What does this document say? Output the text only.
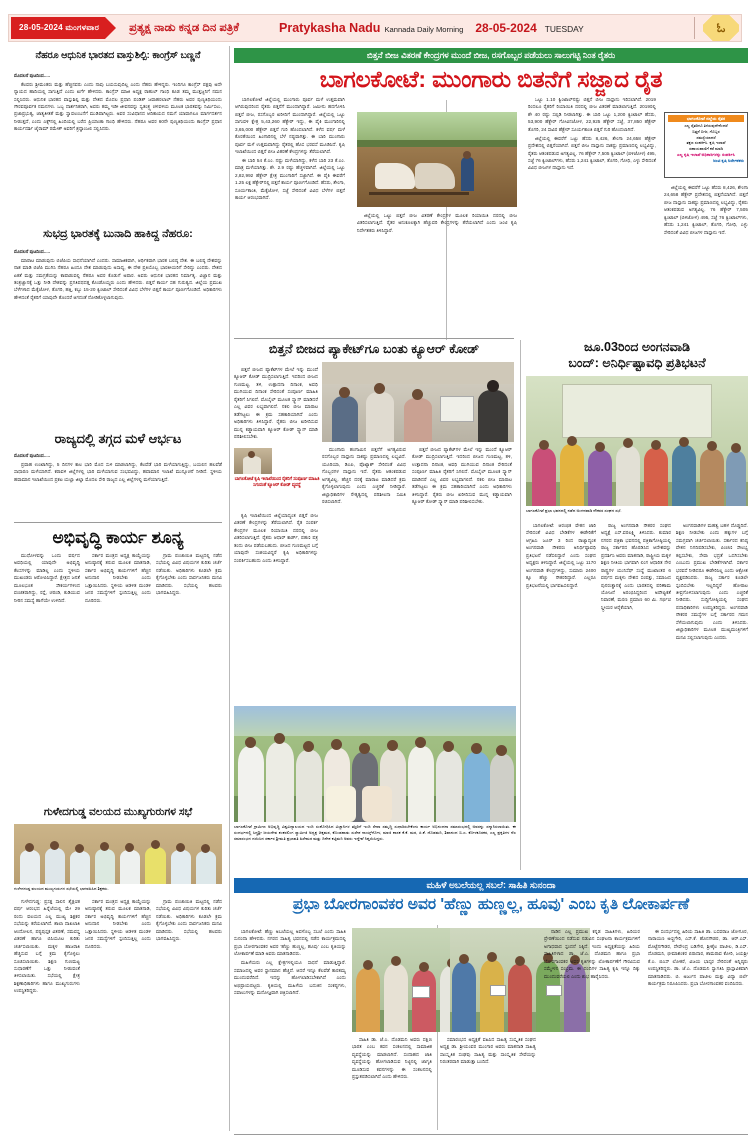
28-05-2024 ಮಂಗಳವಾರ	ಪ್ರತ್ಯಕ್ಷ ನಾಡು ಕನ್ನಡ ದಿನ ಪತ್ರಿಕೆ	Pratykasha Nadu Kannada Daily Morning 28-05-2024 TUESDAY	ಓ
ಬಿತ್ತನೆ ಬೀಜ ವಿತರಣೆ ಕೇಂದ್ರಗಳ ಮುಂದೆ ಬೀಜ, ರಸಗೊಬ್ಬರ ಪಡೆಯಲು ಸಾಲುಗಟ್ಟಿ ನಿಂತ ರೈತರು
ಬಾಗಲಕೋಟೆ: ಮುಂಗಾರು ಬಿತನೆಗೆ ಸಜ್ಜಾದ ರೈತ
ಭಾಗಲಕೋಟೆ ಜಿಲ್ಲೆಯ ರೈತರ
ಎಲ್ಲ ರೈತರಿಗೂ ತಿಳಿಸುವುದೇನೆಂದರೆ
ಬಿತ್ತನೆ ಬೀಜ, ಗೊಬ್ಬರ
ಸಮಸ್ಯೆಯಾದರೆ
ತಕ್ಷಣ ಸಂಪರ್ಕಿಸಿ. ಕೃಷಿ ಇಲಾಖೆ
ಸಹಾಯವಾಣಿಗೆ ಕರೆ ಮಾಡಿ
ಎಲ್ಲ ಕೃಷಿ ಇಲಾಖೆ ಅಧಿಕಾರಿಗಳನ್ನು ಸಂಪರ್ಕಿಸಿ
ಜಂಟಿ ಕೃಷಿ ನಿರ್ದೇಶಕರು

ಬಾಗಲಕೋಟೆ ಜಿಲ್ಲೆಯಲ್ಲಿ ಮುಂಗಾರು ಪೂರ್ವ ಮಳೆ ಉತ್ತಮವಾಗಿ ಆಗಿರುವುದರಿಂದ ರೈತರು ಬಿತ್ತನೆಗೆ ಮುಂದಾಗಿದ್ದಾರೆ. ಜಮೀನು ಹದಗೊಳಿಸಿ ಬಿತ್ತನೆ ಬೀಜ, ರಸಗೊಬ್ಬರ ಖರೀದಿಗೆ ಮುಂದಾಗಿದ್ದಾರೆ. ಜಿಲ್ಲೆಯಲ್ಲಿ ಒಟ್ಟು ಸಾಗುವಳಿ ಕ್ಷೇತ್ರ 5,43,260 ಹೆಕ್ಟೇರ್ ಇದ್ದು, ಈ ಪೈಕಿ ಮುಂಗಾರಿನಲ್ಲಿ 3,65,000 ಹೆಕ್ಟೇರ್ ಬಿತ್ತನೆ ಗುರಿ ಹೊಂದಲಾಗಿದೆ. ಕಳೆದ ವರ್ಷ ಮಳೆ ಕೊರತೆಯಿಂದ ಹಿಂಗಾರಿನಲ್ಲಿ ಬೆಳೆ ನಷ್ಟವಾಗಿತ್ತು. ಈ ಬಾರಿ ಮುಂಗಾರು ಪೂರ್ವ ಮಳೆ ಉತ್ತಮವಾಗಿದ್ದು ರೈತರಲ್ಲಿ ಹೊಸ ಭರವಸೆ ಮೂಡಿಸಿದೆ. ಕೃಷಿ ಇಲಾಖೆಯಿಂದ ಬಿತ್ತನೆ ಬೀಜ ವಿತರಣೆ ಕೇಂದ್ರಗಳನ್ನು ತೆರೆಯಲಾಗಿದೆ.

ಈ ಬಾರಿ 54 ಕೆ.ಎಂ. ನಷ್ಟು ಮಳೆಯಾಗಿದ್ದು, ಕಳೆದ ಬಾರಿ 23 ಕೆ.ಎಂ. ಮಾತ್ರ ಮಳೆಯಾಗಿತ್ತು. ಶೇ. 2.9 ರಷ್ಟು ಹೆಚ್ಚಳವಾಗಿದೆ. ಜಿಲ್ಲೆಯಲ್ಲಿ ಒಟ್ಟು 2,82,992 ಹೆಕ್ಟೇರ್ ಕ್ಷೇತ್ರ ಮುಂಗಾರಿಗೆ ಸಜ್ಜಾಗಿದೆ. ಈ ಪೈಕಿ ಈವರೆಗೆ 1.25 ಲಕ್ಷ ಹೆಕ್ಟೇರ್‌ನಲ್ಲಿ ಬಿತ್ತನೆ ಕಾರ್ಯ ಪೂರ್ಣಗೊಂಡಿದೆ. ಹೆಸರು, ಶೇಂಗಾ, ಸೂರ್ಯಕಾಂತಿ, ಮೆಕ್ಕೆಜೋಳ, ಸಜ್ಜೆ ಸೇರಿದಂತೆ ವಿವಿಧ ಬೆಳೆಗಳ ಬಿತ್ತನೆ ಕಾರ್ಯ ಆರಂಭವಾಗಿದೆ.

ಜಿಲ್ಲೆಯಲ್ಲಿ ಒಟ್ಟು ಬಿತ್ತನೆ ಬೀಜ ವಿತರಣೆ ಕೇಂದ್ರಗಳ ಮೂಲಕ ರಿಯಾಯಿತಿ ದರದಲ್ಲಿ ಬೀಜ ವಿತರಿಸಲಾಗುತ್ತಿದೆ. ರೈತರ ಅನುಕೂಲಕ್ಕಾಗಿ ಹೆಚ್ಚುವರಿ ಕೇಂದ್ರಗಳನ್ನು ತೆರೆಯಲಾಗಿದೆ ಎಂದು ಜಂಟಿ ಕೃಷಿ ನಿರ್ದೇಶಕರು ತಿಳಿಸಿದ್ದಾರೆ.

ಒಟ್ಟು 1.10 ಕ್ವಿಂಟಾಲ್‌ನಷ್ಟು ಬಿತ್ತನೆ ಬೀಜ ದಾಸ್ತಾನು ಇರಿಸಲಾಗಿದೆ. 2019 ರಿಂದಲೂ ರೈತರಿಗೆ ರಿಯಾಯಿತಿ ದರದಲ್ಲಿ ಬೀಜ ವಿತರಣೆ ಮಾಡಲಾಗುತ್ತಿದೆ. 2019ರಲ್ಲಿ ಶೇ 40 ರಷ್ಟು ಸಬ್ಸಿಡಿ ನೀಡಲಾಗಿತ್ತು. ಈ ಬಾರಿ ಒಟ್ಟು 1,200 ಕ್ವಿಂಟಾಲ್ ಹೆಸರು, 53,900 ಹೆಕ್ಟೇರ್ ಗೋವಿನಜೋಳ, 22,925 ಹೆಕ್ಟೇರ್ ಸಜ್ಜೆ, 37,850 ಹೆಕ್ಟೇರ್ ತೊಗರಿ, 24 ಸಾವಿರ ಹೆಕ್ಟೇರ್ ಸೂರ್ಯಕಾಂತಿ ಬಿತ್ತನೆ ಗುರಿ ಹೊಂದಲಾಗಿದೆ.

ಜಿಲ್ಲೆಯಲ್ಲಿ ಈವರೆಗೆ ಒಟ್ಟು ಹೆಸರು 8,426, ಶೇಂಗಾ 24,658 ಹೆಕ್ಟೇರ್ ಪ್ರದೇಶದಲ್ಲಿ ಬಿತ್ತನೆಯಾಗಿದೆ. ಬಿತ್ತನೆ ಬೀಜ ದಾಸ್ತಾನು ಸಾಕಷ್ಟು ಪ್ರಮಾಣದಲ್ಲಿ ಲಭ್ಯವಿದ್ದು, ರೈತರು ಆತಂಕಪಡುವ ಅಗತ್ಯವಿಲ್ಲ. 76 ಹೆಕ್ಟೇರ್ 7,505 ಕ್ವಿಂಟಾಲ್ (ಬಿಳಿಜೋಳ) 495, ಸಜ್ಜೆ 76 ಕ್ವಿಂಟಾಲ್‌ಗಳು, ಹೆಸರು 1,241 ಕ್ವಿಂಟಾಲ್, ತೊಗರಿ, ಗೋಧಿ, ಎಳ್ಳು ಸೇರಿದಂತೆ ವಿವಿಧ ಬೀಜಗಳ ದಾಸ್ತಾನು ಇದೆ.

ಜಿಲ್ಲೆಯಲ್ಲಿ ಈವರೆಗೆ ಒಟ್ಟು ಹೆಸರು 8,426, ಶೇಂಗಾ 24,658 ಹೆಕ್ಟೇರ್ ಪ್ರದೇಶದಲ್ಲಿ ಬಿತ್ತನೆಯಾಗಿದೆ. ಬಿತ್ತನೆ ಬೀಜ ದಾಸ್ತಾನು ಸಾಕಷ್ಟು ಪ್ರಮಾಣದಲ್ಲಿ ಲಭ್ಯವಿದ್ದು, ರೈತರು ಆತಂಕಪಡುವ ಅಗತ್ಯವಿಲ್ಲ. 76 ಹೆಕ್ಟೇರ್ 7,505 ಕ್ವಿಂಟಾಲ್ (ಬಿಳಿಜೋಳ) 495, ಸಜ್ಜೆ 76 ಕ್ವಿಂಟಾಲ್‌ಗಳು, ಹೆಸರು 1,241 ಕ್ವಿಂಟಾಲ್, ತೊಗರಿ, ಗೋಧಿ, ಎಳ್ಳು ಸೇರಿದಂತೆ ವಿವಿಧ ಬೀಜಗಳ ದಾಸ್ತಾನು ಇದೆ.

ನೆಹರೂ ಆಧುನಿಕ ಭಾರತದ ವಾಸ್ತುಶಿಲ್ಪಿ: ಕಾಂಗ್ರೆಸ್ ಬಣ್ಣನೆ

ಮೊದಲನೆ ಪುಟದಿಂದ.....

ಕೆಲವರು ಶ್ರೀಮಂತರು ಮತ್ತು ಹೆಚ್ಚಿನವರು ಎಂದು ನಾವು ಬಯಸುವುದಿಲ್ಲ ಎಂದು ನೆಹರು ಹೇಳಿದ್ದರು. ಇಂದಿಗೂ ಕಾಂಗ್ರೆಸ್ ಪಕ್ಷವು ಅದೇ ನ್ಯಾಯದ ಹಾದಿಯಲ್ಲಿ ಸಾಗುತ್ತಿದೆ ಎಂದು ಖರ್ಗೆ ಹೇಳಿದರು. ಕಾಂಗ್ರೆಸ್ ಮಾಜಿ ಅಧ್ಯಕ್ಷ ರಾಹುಲ್ ಗಾಂಧಿ ಕೂಡ ತಮ್ಮ ಮುತ್ತಜ್ಜನಿಗೆ ನಮನ ಸಲ್ಲಿಸಿದರು. ಆಧುನಿಕ ಭಾರತದ ವಾಸ್ತುಶಿಲ್ಪಿ ಮತ್ತು ದೇಶದ ಮೊದಲ ಪ್ರಧಾನಿ ಪಂಡಿತ್ ಜವಾಹರಲಾಲ್ ನೆಹರು ಅವರ ಪುಣ್ಯತಿಥಿಯಂದು ಗೌರವಪೂರ್ವಕ ನಮನಗಳು. ಒಬ್ಬ ದಾರ್ಶನಿಕರಾಗಿ, ಅವರು ತಮ್ಮ ಇಡೀ ಜೀವನವನ್ನು ಸ್ವತಂತ್ರ್ಯ ಚಳವಳಿಯ ಮೂಲಕ ಭಾರತವನ್ನು ನಿರ್ಮಿಸಲು, ಪ್ರಜಾಪ್ರಭುತ್ವ, ಜಾತ್ಯತೀತತೆ ಮತ್ತು ಸ್ವಾವಲಂಬನೆಗೆ ಮುಡಿಪಾಗಿಟ್ಟರು. ಅವರ ಸಂವಿಧಾನದ ಆದಿಕಾಯದ ನಮಗೆ ಯಾವಾಗಲೂ ಮಾರ್ಗದರ್ಶನ ನೀಡುತ್ತದೆ, ಎಂದು ಎಕ್ಸ್‌ನಲ್ಲಿ ಹಿಂದಿಯಲ್ಲಿ ಬರೆದ ಪ್ರಿಯಾಂಕಾ ಗಾಂಧಿ ಹೇಳಿದರು. ನೆಹರೂ ಅವರ 60ನೇ ಪುಣ್ಯತಿಥಿಯಂದು ಕಾಂಗ್ರೆಸ್ ಪ್ರಧಾನ ಕಾರ್ಯದರ್ಶಿ ಜೈರಾಮ್ ರಮೇಶ್ ಅವರಿಗೆ ಶ್ರದ್ಧಾಂಜಲಿ ಸಲ್ಲಿಸಿದರು.

ಸುಭದ್ರ ಭಾರತಕ್ಕೆ ಬುನಾದಿ ಹಾಕಿದ್ದ ನೆಹರೂ:

ಮೊದಲನೆ ಪುಟದಿಂದ.....

ಮಾರಾಟ ಮಾಡುವುದು ಬಿಜೆಪಿಯ ಸಾಧನೆಯಾಗಿದೆ ಎಂದರು. ಸಾಮಾಜಿಕವಾಗಿ, ಆರ್ಥಿಕವಾಗಿ ಭಾರತ ಬಲಿಷ್ಠ ದೇಶ. ಈ ಬಲಿಷ್ಠ ದೇಶವನ್ನು ನಾಶ ಮಾಡಿ ಬಿಜೆಪಿ ಮುಗಿಸಿ ನೆಹರೂ ಹಿಂದೂ ದೇಶ ಮಾಡುವುದು ಅಸಾಧ್ಯ, ಈ ದೇಶ ಪ್ರತಿಯೊಬ್ಬ ಭಾರತೀಯರಿಗೆ ಸೇರಿದ್ದು ಎಂದರು. ದೇಶದ ಏಕತೆ ಮತ್ತು ಸಮಗ್ರತೆಯನ್ನು ಕಾಪಾಡುವಲ್ಲಿ ನೆಹರೂ ಅವರ ಕೊಡುಗೆ ಅಪಾರ. ಅವರು ಆಧುನಿಕ ಭಾರತದ ನಿರ್ಮಾತೃ. ವಿಜ್ಞಾನ ಮತ್ತು ತಂತ್ರಜ್ಞಾನಕ್ಕೆ ಒತ್ತು ನೀಡಿ ದೇಶವನ್ನು ಪ್ರಗತಿಪಥದತ್ತ ಕೊಂಡೊಯ್ದರು ಎಂದು ಹೇಳಿದರು. ಬಿತ್ತನೆ ಕಾರ್ಯ ಸಹ ಗುರುತ್ವದ. ಜಿಲ್ಲೆಯ ಪ್ರಮುಖ ಬೆಳೆಗಳಾದ ಮೆಕ್ಕೆಜೋಳ, ತೊಗರಿ, ಹತ್ತಿ, ಕಬ್ಬು 15-20 ಕ್ವಿಂಟಾಲ್ ಸೇರಿದಂತೆ ವಿವಿಧ ಬೆಳೆಗಳ ಬಿತ್ತನೆ ಕಾರ್ಯ ಪೂರ್ಣಗೊಂಡಿದೆ. ಅಧಿಕಾರಿಗಳು ಹೇಳಿದಂತೆ ರೈತರಿಗೆ ಯಾವುದೇ ತೊಂದರೆ ಆಗದಂತೆ ನೋಡಿಕೊಳ್ಳಲಾಗುವುದು.

ರಾಜ್ಯದಲ್ಲಿ ತಗ್ಗದ ಮಳೆ ಆರ್ಭಟ

ಮೊದಲನೆ ಪುಟದಿಂದ.....

ಪ್ರವಾಹ ಉಂಟಾಗಿದ್ದು, 5 ದಿನಗಳ ಕಾಲ ಭಾರಿ ಮೊದ ಸುಳಿ ಮಾಡಲಾಗಿದ್ದು, ಕೆಲವೆಡೆ ಭಾರಿ ಮಳೆಯಾಗುತ್ತಿದ್ದು, ಬಯಲಿನ ಹಲವೆಡೆ ಸಾಧಾರಣ ಮಳೆಯಾಗಿದೆ. ಕರಾವಳಿ ಜಿಲ್ಲೆಗಳಲ್ಲಿ ಭಾರಿ ಮಳೆಯಾಗುವ ಸಂಭವವಿದ್ದು, ಹವಾಮಾನ ಇಲಾಖೆ ಮುನ್ಸೂಚನೆ ನೀಡಿದೆ. ಸ್ಥಳೀಯ ಹವಾಮಾನ ಇಲಾಖೆಯಿಂದ ಪ್ರಕಟ ಯಲ್ಲಾ ಜಿಲ್ಲಾ ಮೊದಲ ಸೇರಿ ರಾಜ್ಯದ ಎಲ್ಲ ಜಿಲ್ಲೆಗಳಲ್ಲಿ ಮಳೆಯಾಗುತ್ತಿದೆ.

ಅಭಿವೃದ್ಧಿ ಕಾರ್ಯ ಶೂನ್ಯ

ಮುಧೋಳವನ್ನು ಒಂದು ವರ್ಷದ ಅವಧಿಯಲ್ಲಿ ಯಾವುದೇ ಅಭಿವೃದ್ಧಿ ಕೆಲಸಗಳನ್ನು ಮಾಡಿಲ್ಲ ಎಂದು ಸ್ಥಳೀಯ ಮುಖಂಡರು ಆರೋಪಿಸಿದ್ದಾರೆ. ಕ್ಷೇತ್ರದ ಜನತೆ ಮೂಲಭೂತ ಸೌಕರ್ಯಗಳಿಂದ ವಂಚಿತರಾಗಿದ್ದು, ರಸ್ತೆ, ಚರಂಡಿ, ಕುಡಿಯುವ ನೀರಿನ ಸಮಸ್ಯೆ ಹಾಗೆಯೇ ಉಳಿದಿದೆ.

ಸರ್ಕಾರ ಮಂತ್ರದ ಅಧ್ಯಕ್ಷ ಕಾಯ್ದೆಯನ್ನು ಅನುಷ್ಠಾನಕ್ಕೆ ತರುವ ಮೂಲಕ ಮಾತನಾಡಿ, ಸರ್ಕಾರ ಅಭಿವೃದ್ಧಿ ಕಾರ್ಯಗಳಿಗೆ ಹೆಚ್ಚಿನ ಅನುದಾನ ನೀಡಬೇಕು ಎಂದು ಒತ್ತಾಯಿಸಿದರು. ಸ್ಥಳೀಯ ಆಡಳಿತ ಮಂಡಳಿ ಜನರ ಸಮಸ್ಯೆಗಳಿಗೆ ಸ್ಪಂದಿಸುತ್ತಿಲ್ಲ ಎಂದು ದೂರಿದರು.

ಗ್ರಾಮ ಪಂಚಾಯಿತಿ ಮಟ್ಟದಲ್ಲಿ ನಡೆದ ಸಭೆಯಲ್ಲಿ ವಿವಿಧ ವಿಷಯಗಳ ಕುರಿತು ಚರ್ಚೆ ನಡೆಯಿತು. ಅಧಿಕಾರಿಗಳು ಕೂಡಲೇ ಕ್ರಮ ಕೈಗೊಳ್ಳಬೇಕು ಎಂದು ಸಾರ್ವಜನಿಕರು ಮನವಿ ಮಾಡಿದರು. ಸಭೆಯಲ್ಲಿ ಹಲವರು ಭಾಗವಹಿಸಿದ್ದರು.

ಗುಳೇದಗುಡ್ಡ ವಲಯದ ಮುಖ್ಯಗುರುಗಳ ಸಭೆ
ಗುಳೇದಗುಡ್ಡ ವಲಯದ ಮುಖ್ಯಗುರುಗಳ ಸಭೆಯಲ್ಲಿ ಭಾಗವಹಿಸಿದ ಶಿಕ್ಷಕರು.

ಗುಳೇದಗುಡ್ಡ: ಪ್ರಸಕ್ತ ಸಾಲಿನ ಶೈಕ್ಷಣಿಕ ವರ್ಷ ಆರಂಭದ ಹಿನ್ನೆಲೆಯಲ್ಲಿ ಮೇ 29 ರಂದು ವಲಯದ ಎಲ್ಲ ಮುಖ್ಯ ಶಿಕ್ಷಕರ ಸಭೆಯನ್ನು ಕರೆಯಲಾಗಿದೆ. ಶಾಲಾ ದಾಖಲಾತಿ ಆಂದೋಲನ, ಪಠ್ಯಪುಸ್ತಕ ವಿತರಣೆ, ಸಮವಸ್ತ್ರ ವಿತರಣೆ ಹಾಗೂ ಬಿಸಿಯೂಟ ಕುರಿತು ಚರ್ಚಿಸಲಾಯಿತು. ಮಕ್ಕಳ ಹಾಜರಾತಿ ಹೆಚ್ಚಿಸುವ ಬಗ್ಗೆ ಕ್ರಮ ಕೈಗೊಳ್ಳಲು ಸೂಚಿಸಲಾಯಿತು. ಶಿಕ್ಷಣ ಗುಣಮಟ್ಟ ಸುಧಾರಣೆಗೆ ಒತ್ತು ನೀಡುವಂತೆ ತಿಳಿಸಲಾಯಿತು. ಸಭೆಯಲ್ಲಿ ಕ್ಷೇತ್ರ ಶಿಕ್ಷಣಾಧಿಕಾರಿಗಳು ಹಾಗೂ ಮುಖ್ಯಗುರುಗಳು ಉಪಸ್ಥಿತರಿದ್ದರು.

ಸರ್ಕಾರ ಮಂತ್ರದ ಅಧ್ಯಕ್ಷ ಕಾಯ್ದೆಯನ್ನು ಅನುಷ್ಠಾನಕ್ಕೆ ತರುವ ಮೂಲಕ ಮಾತನಾಡಿ, ಸರ್ಕಾರ ಅಭಿವೃದ್ಧಿ ಕಾರ್ಯಗಳಿಗೆ ಹೆಚ್ಚಿನ ಅನುದಾನ ನೀಡಬೇಕು ಎಂದು ಒತ್ತಾಯಿಸಿದರು. ಸ್ಥಳೀಯ ಆಡಳಿತ ಮಂಡಳಿ ಜನರ ಸಮಸ್ಯೆಗಳಿಗೆ ಸ್ಪಂದಿಸುತ್ತಿಲ್ಲ ಎಂದು ದೂರಿದರು.

ಗ್ರಾಮ ಪಂಚಾಯಿತಿ ಮಟ್ಟದಲ್ಲಿ ನಡೆದ ಸಭೆಯಲ್ಲಿ ವಿವಿಧ ವಿಷಯಗಳ ಕುರಿತು ಚರ್ಚೆ ನಡೆಯಿತು. ಅಧಿಕಾರಿಗಳು ಕೂಡಲೇ ಕ್ರಮ ಕೈಗೊಳ್ಳಬೇಕು ಎಂದು ಸಾರ್ವಜನಿಕರು ಮನವಿ ಮಾಡಿದರು. ಸಭೆಯಲ್ಲಿ ಹಲವರು ಭಾಗವಹಿಸಿದ್ದರು.

ಬಿತ್ತನೆ ಬೀಜದ ಪ್ಯಾಕೇಟ್‌ಗೂ ಬಂತು ಕ್ಯೂಆರ್ ಕೋಡ್
ಬಾಗಲಕೋಟೆ ಕೃಷಿ ಇಲಾಖೆಯಿಂದ ರೈತರಿಗೆ ಸಂಪೂರ್ಣ ಮಾಹಿತಿ ಸಿಗುವಂತೆ ಕ್ಯೂಆರ್ ಕೋಡ್ ವ್ಯವಸ್ಥೆ

ಬಿತ್ತನೆ ಬೀಜದ ಪ್ಯಾಕೆಟ್‌ಗಳ ಮೇಲೆ ಇನ್ನು ಮುಂದೆ ಕ್ಯೂಆರ್ ಕೋಡ್ ಮುದ್ರಿಸಲಾಗುತ್ತಿದೆ. ಇದರಿಂದ ಬೀಜದ ಗುಣಮಟ್ಟ, ತಳಿ, ಉತ್ಪಾದನಾ ದಿನಾಂಕ, ಅವಧಿ ಮುಗಿಯುವ ದಿನಾಂಕ ಸೇರಿದಂತೆ ಸಂಪೂರ್ಣ ಮಾಹಿತಿ ರೈತರಿಗೆ ಸಿಗಲಿದೆ. ಮೊಬೈಲ್ ಮೂಲಕ ಸ್ಕ್ಯಾನ್ ಮಾಡಿದರೆ ಎಲ್ಲ ವಿವರ ಲಭ್ಯವಾಗಲಿದೆ. ನಕಲಿ ಬೀಜ ಮಾರಾಟ ತಡೆಗಟ್ಟಲು ಈ ಕ್ರಮ ಸಹಕಾರಿಯಾಗಿದೆ ಎಂದು ಅಧಿಕಾರಿಗಳು ತಿಳಿಸಿದ್ದಾರೆ. ರೈತರು ಬೀಜ ಖರೀದಿಸುವ ಮುನ್ನ ಕಡ್ಡಾಯವಾಗಿ ಕ್ಯೂಆರ್ ಕೋಡ್ ಸ್ಕ್ಯಾನ್ ಮಾಡಿ ಪರಿಶೀಲಿಸಬೇಕು.

ಕೃಷಿ ಇಲಾಖೆಯಿಂದ ಜಿಲ್ಲೆಯಾದ್ಯಂತ ಬಿತ್ತನೆ ಬೀಜ ವಿತರಣೆ ಕೇಂದ್ರಗಳನ್ನು ತೆರೆಯಲಾಗಿದೆ. ರೈತ ಸಂಪರ್ಕ ಕೇಂದ್ರಗಳ ಮೂಲಕ ರಿಯಾಯಿತಿ ದರದಲ್ಲಿ ಬೀಜ ವಿತರಿಸಲಾಗುತ್ತಿದೆ. ರೈತರು ಆಧಾರ್ ಕಾರ್ಡ್, ಪಹಣಿ ಪತ್ರ ತಂದು ಬೀಜ ಪಡೆಯಬಹುದು. ಬೀಜದ ಗುಣಮಟ್ಟದ ಬಗ್ಗೆ ಯಾವುದೇ ಸಂಶಯವಿದ್ದರೆ ಕೃಷಿ ಅಧಿಕಾರಿಗಳನ್ನು ಸಂಪರ್ಕಿಸಬಹುದು ಎಂದು ತಿಳಿಸಿದ್ದಾರೆ.

ಮುಂಗಾರು ಹಂಗಾಮಿನ ಬಿತ್ತನೆಗೆ ಅಗತ್ಯವಿರುವ ರಸಗೊಬ್ಬರ ದಾಸ್ತಾನು ಸಾಕಷ್ಟು ಪ್ರಮಾಣದಲ್ಲಿ ಲಭ್ಯವಿದೆ. ಯೂರಿಯಾ, ಡಿಎಪಿ, ಪೊಟ್ಯಾಶ್ ಸೇರಿದಂತೆ ವಿವಿಧ ಗೊಬ್ಬರಗಳ ದಾಸ್ತಾನು ಇದೆ. ರೈತರು ಆತಂಕಪಡುವ ಅಗತ್ಯವಿಲ್ಲ. ಹೆಚ್ಚಿನ ದರಕ್ಕೆ ಮಾರಾಟ ಮಾಡಿದರೆ ಕ್ರಮ ಕೈಗೊಳ್ಳಲಾಗುವುದು ಎಂದು ಎಚ್ಚರಿಕೆ ನೀಡಿದ್ದಾರೆ. ಜಿಲ್ಲಾಧಿಕಾರಿಗಳ ನೇತೃತ್ವದಲ್ಲಿ ಪರಿಶೀಲನಾ ಸಮಿತಿ ರಚಿಸಲಾಗಿದೆ.

ಬಿತ್ತನೆ ಬೀಜದ ಪ್ಯಾಕೆಟ್‌ಗಳ ಮೇಲೆ ಇನ್ನು ಮುಂದೆ ಕ್ಯೂಆರ್ ಕೋಡ್ ಮುದ್ರಿಸಲಾಗುತ್ತಿದೆ. ಇದರಿಂದ ಬೀಜದ ಗುಣಮಟ್ಟ, ತಳಿ, ಉತ್ಪಾದನಾ ದಿನಾಂಕ, ಅವಧಿ ಮುಗಿಯುವ ದಿನಾಂಕ ಸೇರಿದಂತೆ ಸಂಪೂರ್ಣ ಮಾಹಿತಿ ರೈತರಿಗೆ ಸಿಗಲಿದೆ. ಮೊಬೈಲ್ ಮೂಲಕ ಸ್ಕ್ಯಾನ್ ಮಾಡಿದರೆ ಎಲ್ಲ ವಿವರ ಲಭ್ಯವಾಗಲಿದೆ. ನಕಲಿ ಬೀಜ ಮಾರಾಟ ತಡೆಗಟ್ಟಲು ಈ ಕ್ರಮ ಸಹಕಾರಿಯಾಗಿದೆ ಎಂದು ಅಧಿಕಾರಿಗಳು ತಿಳಿಸಿದ್ದಾರೆ. ರೈತರು ಬೀಜ ಖರೀದಿಸುವ ಮುನ್ನ ಕಡ್ಡಾಯವಾಗಿ ಕ್ಯೂಆರ್ ಕೋಡ್ ಸ್ಕ್ಯಾನ್ ಮಾಡಿ ಪರಿಶೀಲಿಸಬೇಕು.

ಜೂ.03ರಿಂದ ಅಂಗನವಾಡಿ
ಬಂದ್: ಅನಿರ್ಧಿಷ್ಟಾವಧಿ ಪ್ರತಿಭಟನೆ
ಬಾಗಲಕೋಟೆ ಪ್ರಭಾ ಭವನದಲ್ಲಿ ನಡೆದ ಅಂಗನವಾಡಿ ನೌಕರರ ಸಂಘದ ಸಭೆ.

ಬಾಗಲಕೋಟೆ: ಆರಂಭಿಕ ವೇತನ ಜಾರಿ ಸೇರಿದಂತೆ ವಿವಿಧ ಬೇಡಿಕೆಗಳ ಈಡೇರಿಕೆಗೆ ಆಗ್ರಹಿಸಿ ಜೂನ್ 3 ರಿಂದ ರಾಜ್ಯಾದ್ಯಂತ ಅಂಗನವಾಡಿ ನೌಕರರು ಅನಿರ್ಧಿಷ್ಟಾವಧಿ ಪ್ರತಿಭಟನೆ ನಡೆಸಲಿದ್ದಾರೆ ಎಂದು ಸಂಘದ ಅಧ್ಯಕ್ಷರು ತಿಳಿಸಿದ್ದಾರೆ. ಜಿಲ್ಲೆಯಲ್ಲಿ ಒಟ್ಟು 1170 ಅಂಗನವಾಡಿ ಕೇಂದ್ರಗಳಿದ್ದು, ಸುಮಾರು 2400 ಕ್ಕೂ ಹೆಚ್ಚು ನೌಕರರಿದ್ದಾರೆ. ಎಲ್ಲರೂ ಪ್ರತಿಭಟನೆಯಲ್ಲಿ ಭಾಗವಹಿಸಲಿದ್ದಾರೆ.

ರಾಜ್ಯ ಅಂಗನವಾಡಿ ನೌಕರರ ಸಂಘದ ಅಧ್ಯಕ್ಷೆ ಎಸ್.ವರಲಕ್ಷ್ಮಿ ತಿಳಿಸಿದರು. ಕುಮಾರ ನಗರದ ಪತ್ರಿಕಾ ಭವನದಲ್ಲಿ ಪತ್ರಿಕಾಗೋಷ್ಠಿಯಲ್ಲಿ ರಾಜ್ಯ ಸರ್ಕಾರದ ಹೊರಡಿಸಿದ ಆದೇಶವನ್ನು ಪ್ರದರ್ಶಿಸಿ ಅವರು ಮಾತನಾಡಿ, ರಾಷ್ಟ್ರೀಯ ಮಕ್ಕಳ ಶಿಕ್ಷಣ ನೀತಿಯ ಭಾಗವಾಗಿ ಲಿಂಗ ಆಧಾರಿತ ನೇರ ರಾಷ್ಟ್ರಗಳ ಯುನಿಸೆಫ್ ಸಂಸ್ಥೆ ಮುಖಾಂತರ 6 ವರ್ಷದ ಮಕ್ಕಳು ದೇಶದ ಸಂಪತ್ತು, ಸಮಾಜದ ಪುನರುತ್ಥಾನಕ್ಕೆ ಎಂದು ಭಾರತದಲ್ಲಿ ಪರಿಣಾಮ ಯೋಜನೆ ಅರಂಭಿಸಿದ್ದರಿಂದ ಅಪೌಷ್ಟಿಕತೆ ನಿವಾರಣೆ, ಮರಣ ಪ್ರಮಾಣ 60 ಮಿ. ಗರ್ಭಿಣಿ ಸ್ತ್ರೀಯರ ಆರೈಕೆಯಾಗಿ,

ಅಂಗನವಾಡಿಗಳ ಮಹತ್ವ ಬಹಳ ದೊಡ್ಡದಿದೆ. ಶಿಕ್ಷಣ ನೀಡಬೇಕು ಎಂದು ಹಕ್ಕುಗಳ ಬಗ್ಗೆ ಸಮಗ್ರವಾಗಿ ಚರ್ಚಿಸಲಾಯಿತು. ಸರ್ಕಾರದ ಕನಿಷ್ಠ ವೇತನ ನಿಗದಿಪಡಿಸಬೇಕು, ಪಿಂಚಣಿ ಸೌಲಭ್ಯ ಕಲ್ಪಿಸಬೇಕು, ಸೇವಾ ಭದ್ರತೆ ಒದಗಿಸಬೇಕು ಎಂಬುದು ಪ್ರಮುಖ ಬೇಡಿಕೆಗಳಾಗಿವೆ. ಸರ್ಕಾರ ಭರವಸೆ ನೀಡಿದರೂ ಈಡೇರಿಸಿಲ್ಲ ಎಂದು ಆಕ್ರೋಶ ವ್ಯಕ್ತಪಡಿಸಿದರು. ರಾಜ್ಯ ಸರ್ಕಾರ ಕೂಡಲೇ ಸ್ಪಂದಿಸಬೇಕು ಇಲ್ಲದಿದ್ದರೆ ಹೋರಾಟ ತೀವ್ರಗೊಳಿಸಲಾಗುವುದು ಎಂದು ಎಚ್ಚರಿಕೆ ನೀಡಿದರು. ಸುದ್ದಿಗೋಷ್ಠಿಯಲ್ಲಿ ಸಂಘದ ಪದಾಧಿಕಾರಿಗಳು ಉಪಸ್ಥಿತರಿದ್ದರು. ಅಂಗನವಾಡಿ ನೌಕರರ ಸಮಸ್ಯೆಗಳ ಬಗ್ಗೆ ಸರ್ಕಾರದ ಗಮನ ಸೆಳೆಯಲಾಗುವುದು ಎಂದು ತಿಳಿಸಿದರು. ಜಿಲ್ಲಾಧಿಕಾರಿಗಳ ಮೂಲಕ ಮುಖ್ಯಮಂತ್ರಿಗಳಿಗೆ ಮನವಿ ಸಲ್ಲಿಸಲಾಗುವುದು ಎಂದರು.

ಬಾಗಲಕೋಟೆ ಗ್ರಾಮೀಣ ಅಭಿವೃದ್ಧಿ ವಿಶ್ವವಿದ್ಯಾಲಯದ ಇಂದಿ ಸಂಶೋಧಿಸಿದ ವಿಜ್ಞಾನಿಗಳ ತಜ್ಞರಿಗೆ ಇಂದಿ ಸೇವಾ ಸಮೃದ್ಧಿ ಸುಧಾರಿಸಬೇಕೆಂದು ಕಾರ್ಯ ಅಭಿನಂದನಾ ಸಮಾರಂಭದಲ್ಲಿ ಅವರನ್ನು ಸನ್ಮಾನಿಸಲಾಯಿತು. ಈ ಸಂದರ್ಭದಲ್ಲಿ ಸಿದ್ಧಶ್ರೀ ಜಯದೇವ ಶಂಕರಲಿಂಗ ಸ್ವಾಮೀಜಿ ಅಧ್ಯಕ್ಷ ಚಿಕ್ಕಮಠ, ಕೊಂಡಪಾಡು ಸುರೇಶ ನಾಯ್ಕ್‌ಗೋಳ, ಮಾಜಿ ಶಾಸಕ ಕೆ.ಕೆ. ಮಠ, ಪಿ.ಕೆ. ದೊಡಮನಿ, ಶಿವಾನಂದ ಬಿ.ಎ. ಕೋಳಕೂರಕರ, ಎಲ್ಲ ಪ್ರಕೃತಿಗಳ ನೆಲ ಸಮಾರಂಭದ ದಯಿಸಿದ ಸರ್ಕಾರ ಶ್ರೀಮತಿ ಪ್ರಭಾವತಿ ಹಿರೇಮಠ ಮತ್ತು ದಿನೇಶ ಕಟ್ಟಿಮನಿ ಅವರು ಇದ್ದೇವೆ ನಿಶ್ಚಯಿಸಿದ್ದರು.
ಮಹಿಳೆ ಅಬಲೆಯಲ್ಲ ಸಬಲೆ: ಸಾಹಿತಿ ಸುನಂದಾ
ಪ್ರಭಾ ಬೋರಗಾಂವಕರ ಅವರ 'ಹೆಣ್ಣು ಹುಣ್ಣಲ್ಲ, ಹೂವು' ಎಂಬ ಕೃತಿ ಲೋಕಾರ್ಪಣೆ

ಬಾಗಲಕೋಟೆ: ಹೆಣ್ಣು ಅಬಲೆಯಲ್ಲ ಅವಳೊಬ್ಬ ಸಬಲೆ ಎಂದು ಸಾಹಿತಿ ಸುನಂದಾ ಹೇಳಿದರು. ನಗರದ ಸಾಹಿತ್ಯ ಭವನದಲ್ಲಿ ನಡೆದ ಕಾರ್ಯಕ್ರಮದಲ್ಲಿ ಪ್ರಭಾ ಬೋರಗಾಂವಕರ ಅವರ 'ಹೆಣ್ಣು ಹುಣ್ಣಲ್ಲ, ಹೂವು' ಎಂಬ ಕೃತಿಯನ್ನು ಲೋಕಾರ್ಪಣೆ ಮಾಡಿ ಅವರು ಮಾತನಾಡಿದರು.

ಮಹಿಳೆಯರು ಎಲ್ಲ ಕ್ಷೇತ್ರಗಳಲ್ಲಿಯೂ ಸಾಧನೆ ಮಾಡುತ್ತಿದ್ದಾರೆ. ಸಮಾಜದಲ್ಲಿ ಅವರ ಸ್ಥಾನಮಾನ ಹೆಚ್ಚಿದೆ. ಆದರೆ ಇನ್ನೂ ಕೆಲವೆಡೆ ತಾರತಮ್ಯ ಮುಂದುವರೆದಿದೆ. ಇದನ್ನು ಹೋಗಲಾಡಿಸಬೇಕಾಗಿದೆ ಎಂದು ಅಭಿಪ್ರಾಯಪಟ್ಟರು. ಕೃತಿಯಲ್ಲಿ ಮಹಿಳೆಯ ಬದುಕಿನ ಸಂಕಷ್ಟಗಳು, ಸವಾಲುಗಳನ್ನು ಮನೋಜ್ಞವಾಗಿ ಚಿತ್ರಿಸಲಾಗಿದೆ.

ಸಾಹಿತಿ ಡಾ. ಜೆ.ಎ. ದೊಡಮನಿ ಅವರು ದಕ್ಷಿಣ ಭಾರತ ಎಂಬ ಕವನ ಸಂಕಲನದಲ್ಲಿ ಸಾಮಾಜಿಕ ವ್ಯವಸ್ಥೆಯನ್ನು ಮಾಡಲಾಗಿದೆ. ಸಂದಾಹದ ಜಾತಿ ವ್ಯವಸ್ಥೆಯನ್ನು ಹೋಗಲಾಡಿಸುವ ನಿಟ್ಟಿನಲ್ಲಿ ಜಾಗೃತಿ ಮೂಡಿಸುವ ಕವನಗಳನ್ನು ಈ ಸಂಕಲನದಲ್ಲಿ ಪ್ರಸ್ತುತಪಡಿಸಲಾಗಿದೆ ಎಂದು ಹೇಳಿದರು.

ಸಮಾರಂಭದ ಅಧ್ಯಕ್ಷತೆ ವಹಿಸಿದ ಸಾಹಿತ್ಯ ಸಂಸ್ಕೃತಿಕ ಸಂಘದ ಅಧ್ಯಕ್ಷ ಡಾ. ಶ್ರೀಯಂವರ ಮುಂಗಾರ ಅವರು ಮಾತನಾಡಿ ಸಾಹಿತ್ಯ ಸಾಂಸ್ಕೃತಿಕ ಸಂಘವು ಸಾಹಿತ್ಯ ಮತ್ತು ಸಾಂಸ್ಕೃತಿಕ ಸೇವೆಯನ್ನು ನಿರಂತರವಾಗಿ ಮಾಡುತ್ತಾ ಬಂದಿದೆ.

ನಾಡಿನ ಎಲ್ಲ ಪ್ರಮುಖ ಕನ್ನಡ ಸಾಹಿತಿಗಳು, ಹಿರಿಯರ ಪ್ರೇರಣೆಯಿಂದ ನಡೆಸುವ ನಡುವಿನ ಸಂಘಟನಾ ಕಾರ್ಯಕ್ರಮಗಳಿಗೆ ಅಗಾಧವಾದ ಸ್ಪಂದನೆ ಸಿಕ್ಕಿದೆ. ಇಂದು ಅಧ್ಯಕ್ಷತೆಯನ್ನು ಹಿರಿಯ ಸಾಹಿತಿಗಳಾದ ಡಾ. ಜೆ.ಎ. ದೊಡಮನಿ ಹಾಗೂ ಪ್ರಭಾ ಬೋರಗಾಂವಕರ ಅವರ ಕೃತಿಗಳನ್ನು ಲೋಕಾರ್ಪಣೆಗೆ ಗೌರವಿಸುವ ಸಮ್ಮೇಳನ ಸಂಭ್ರಮ. ಈ ದಂದಿಗಳ ಸಾಹಿತ್ಯ ಕೃಷಿ ಇನ್ನೂ ದಿಕ್ಕು ಮುಂದುವರೆಯಲಿ ಎಂದು ಶುಭ ಹಾರೈಸಿದರು.

ಈ ಸಂದರ್ಭದಲ್ಲಿ ಹಿರಿಯ ಸಾಹಿತಿ ಡಾ. ಬಸವರಾಜ ಜೋಗೂರ, ನಾರಾಯಣ ಅಣ್ಣಿಗೇರಿ, ಎಸ್.ಕೆ. ಹೊನಗೌಡರ, ಡಾ. ಆರ್.ಎಸ್. ಮೊಟ್ಟೆನಗೌಡರ, ದೇವೇಂದ್ರ ಬಡಿಗೇರ, ಶ್ರೀಶೈಲ ಪಾಟೀಲ, ಡಿ.ಎಸ್. ದೊಡಮನಿ, ಭೀಮಾಶಂಕರ ಬಿರಾದಾರ, ಶಾಮರಾವ ಕೋರಿ, ಜಯಶ್ರೀ ಕೆ.ಎ. ಬಿಎಸ್ ಲೋಕರೆ, ವಿಜಯ ಭಾಸ್ಕರ ಸೇರಿದಂತೆ ಅನ್ನಿಷ್ಠರು ಉಪಸ್ಥಿತರಿದ್ದರು. ಡಾ. ಜೆ.ಎ. ದೊಡಮನಿ ಸ್ವಾಗತಿಸಿ ಪ್ರಾಸ್ತಾವಿಕವಾಗಿ ಮಾತನಾಡಿದರು. ಬಿ. ಅರ್ಜುನ ಪಾಟೀಲ ಮತ್ತು ವಿದ್ಯಾ ಬಿರ್ಲೆ ಕಾರ್ಯಕ್ರಮ ನಿರೂಪಿಸಿದರು. ಪ್ರಭಾ ಬೋರಗಾಂವಕರ ವಂದಿಸಿದರು.
